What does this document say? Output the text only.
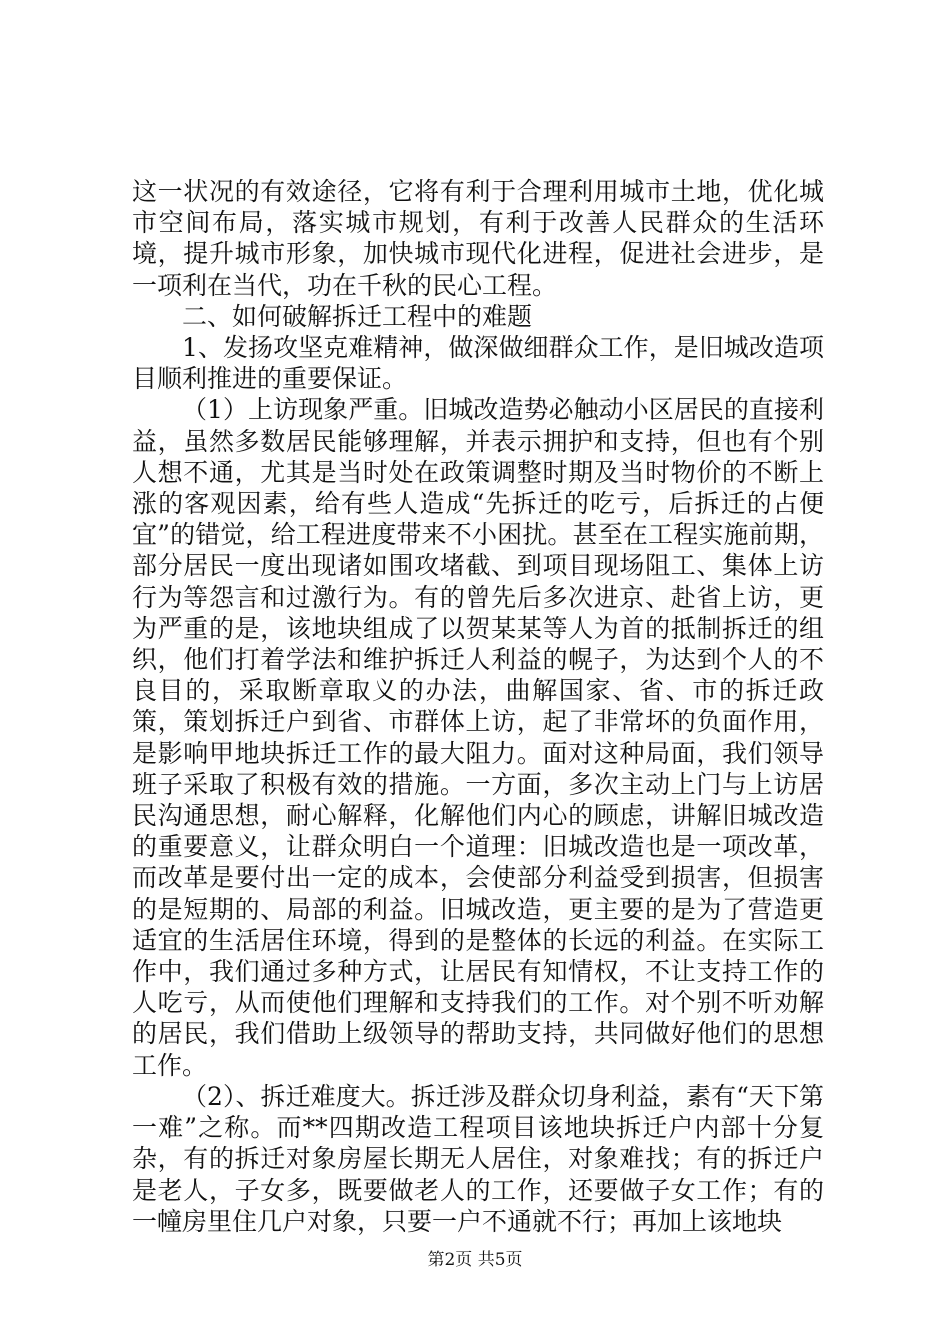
这一状况的有效途径，它将有利于合理利用城市土地，优化城市空间布局，落实城市规划，有利于改善人民群众的生活环境，提升城市形象，加快城市现代化进程，促进社会进步，是一项利在当代，功在千秋的民心工程。

二、如何破解拆迁工程中的难题

1、发扬攻坚克难精神，做深做细群众工作，是旧城改造项目顺利推进的重要保证。

（1）上访现象严重。旧城改造势必触动小区居民的直接利益，虽然多数居民能够理解，并表示拥护和支持，但也有个别人想不通，尤其是当时处在政策调整时期及当时物价的不断上涨的客观因素，给有些人造成“先拆迁的吃亏，后拆迁的占便宜”的错觉，给工程进度带来不小困扰。甚至在工程实施前期，部分居民一度出现诸如围攻堵截、到项目现场阻工、集体上访行为等怨言和过激行为。有的曾先后多次进京、赴省上访，更为严重的是，该地块组成了以贺某某等人为首的抵制拆迁的组织，他们打着学法和维护拆迁人利益的幌子，为达到个人的不良目的，采取断章取义的办法，曲解国家、省、市的拆迁政策，策划拆迁户到省、市群体上访，起了非常坏的负面作用，是影响甲地块拆迁工作的最大阻力。面对这种局面，我们领导班子采取了积极有效的措施。一方面，多次主动上门与上访居民沟通思想，耐心解释，化解他们内心的顾虑，讲解旧城改造的重要意义，让群众明白一个道理：旧城改造也是一项改革，而改革是要付出一定的成本，会使部分利益受到损害，但损害的是短期的、局部的利益。旧城改造，更主要的是为了营造更适宜的生活居住环境，得到的是整体的长远的利益。在实际工作中，我们通过多种方式，让居民有知情权，不让支持工作的人吃亏，从而使他们理解和支持我们的工作。对个别不听劝解的居民，我们借助上级领导的帮助支持，共同做好他们的思想工作。

（2）、拆迁难度大。拆迁涉及群众切身利益，素有“天下第一难”之称。而**四期改造工程项目该地块拆迁户内部十分复杂，有的拆迁对象房屋长期无人居住，对象难找；有的拆迁户是老人，子女多，既要做老人的工作，还要做子女工作；有的一幢房里住几户对象，只要一户不通就不行；再加上该地块

第2页 共5页
